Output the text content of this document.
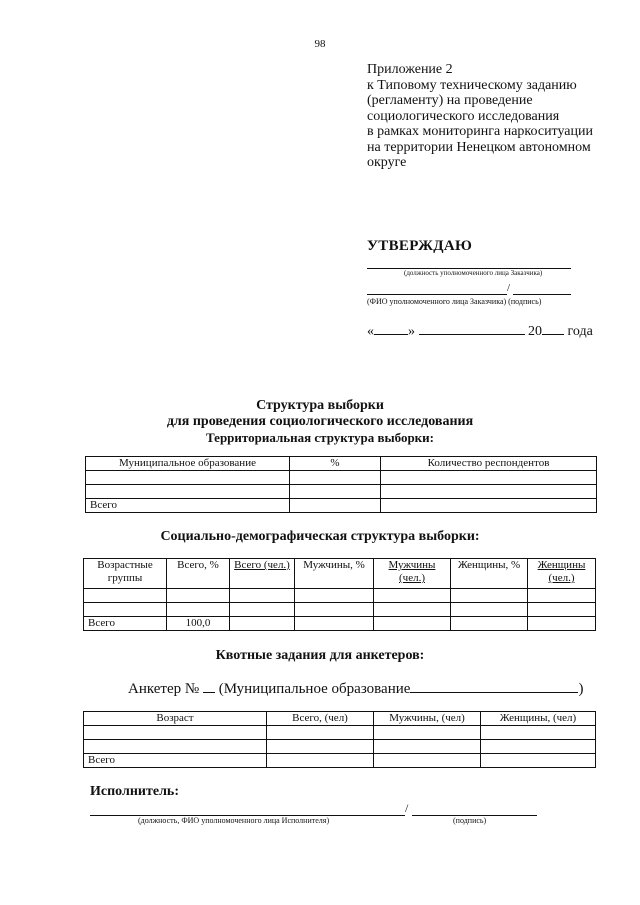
98
Приложение 2
к Типовому техническому заданию
(регламенту) на проведение
социологического исследования
в рамках мониторинга наркоситуации
на территории Ненецком автономном
округе
УТВЕРЖДАЮ
(должность уполномоченного лица Заказчика)
/
(ФИО уполномоченного лица Заказчика) (подпись)
« »	20 года
Структура выборки
для проведения социологического исследования
Территориальная структура выборки:
Муниципальное образование	%	Количество респондентов

Всего		
Социально-демографическая структура выборки:
Возрастные группы	Всего, %	Всего (чел.)	Мужчины, %	Мужчины (чел.)	Женщины, %	Женщины (чел.)

Всего	100,0					
Квотные задания для анкетеров:
Анкетер № (Муниципальное образование	)
Возраст	Всего, (чел)	Мужчины, (чел)	Женщины, (чел)

Всего			
Исполнитель:
/
(должность, ФИО уполномоченного лица Исполнителя)	(подпись)
